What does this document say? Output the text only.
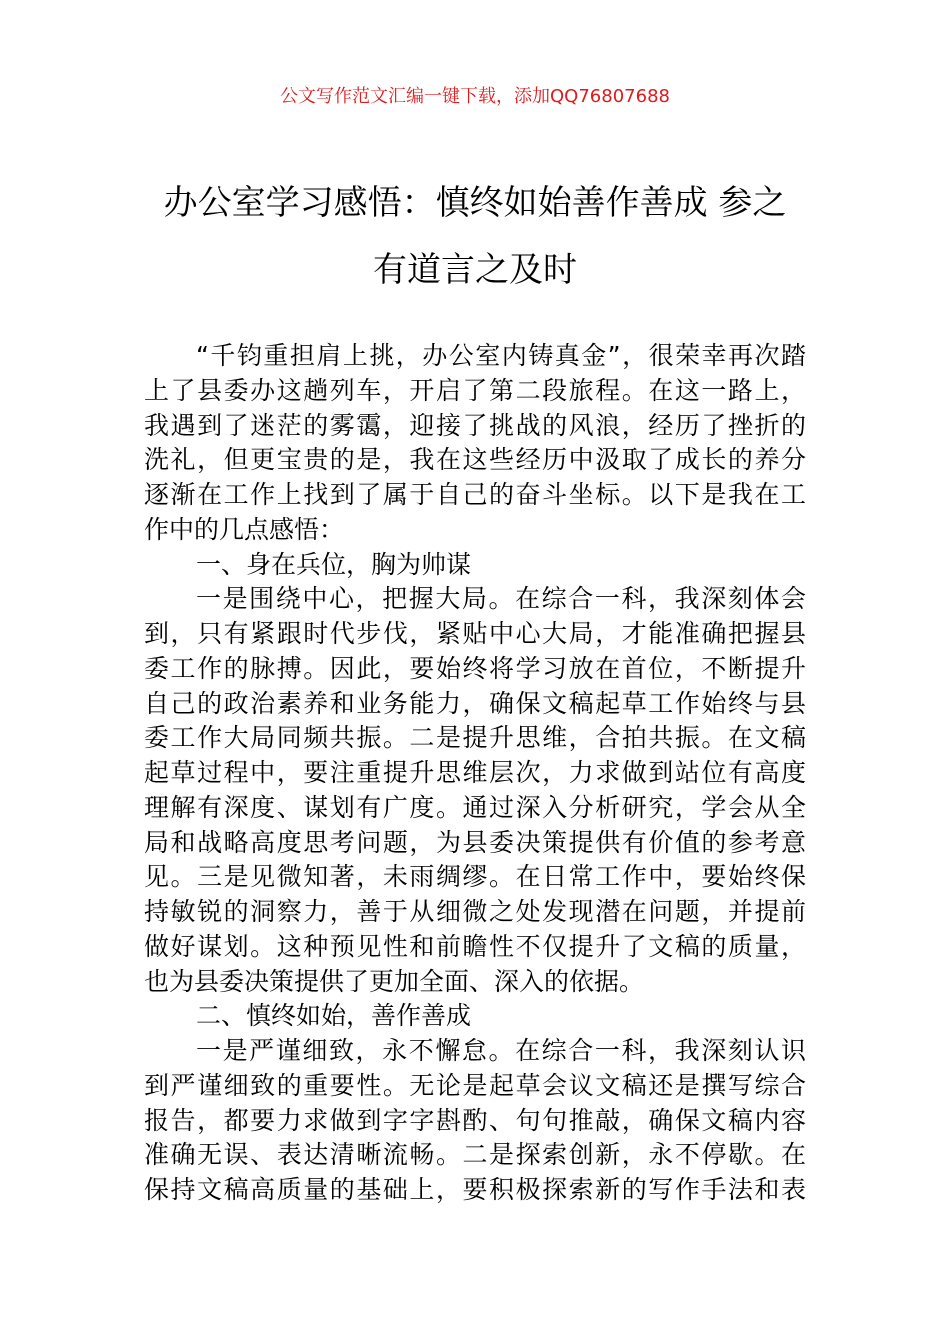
公文写作范文汇编一键下载，添加QQ76807688
办公室学习感悟：慎终如始善作善成 参之
有道言之及时
“千钧重担肩上挑，办公室内铸真金”，很荣幸再次踏
上了县委办这趟列车，开启了第二段旅程。在这一路上，
我遇到了迷茫的雾霭，迎接了挑战的风浪，经历了挫折的
洗礼，但更宝贵的是，我在这些经历中汲取了成长的养分
逐渐在工作上找到了属于自己的奋斗坐标。以下是我在工
作中的几点感悟：
一、身在兵位，胸为帅谋
一是围绕中心，把握大局。在综合一科，我深刻体会
到，只有紧跟时代步伐，紧贴中心大局，才能准确把握县
委工作的脉搏。因此，要始终将学习放在首位，不断提升
自己的政治素养和业务能力，确保文稿起草工作始终与县
委工作大局同频共振。二是提升思维，合拍共振。在文稿
起草过程中，要注重提升思维层次，力求做到站位有高度
理解有深度、谋划有广度。通过深入分析研究，学会从全
局和战略高度思考问题，为县委决策提供有价值的参考意
见。三是见微知著，未雨绸缪。在日常工作中，要始终保
持敏锐的洞察力，善于从细微之处发现潜在问题，并提前
做好谋划。这种预见性和前瞻性不仅提升了文稿的质量，
也为县委决策提供了更加全面、深入的依据。
二、慎终如始，善作善成
一是严谨细致，永不懈怠。在综合一科，我深刻认识
到严谨细致的重要性。无论是起草会议文稿还是撰写综合
报告，都要力求做到字字斟酌、句句推敲，确保文稿内容
准确无误、表达清晰流畅。二是探索创新，永不停歇。在
保持文稿高质量的基础上，要积极探索新的写作手法和表
